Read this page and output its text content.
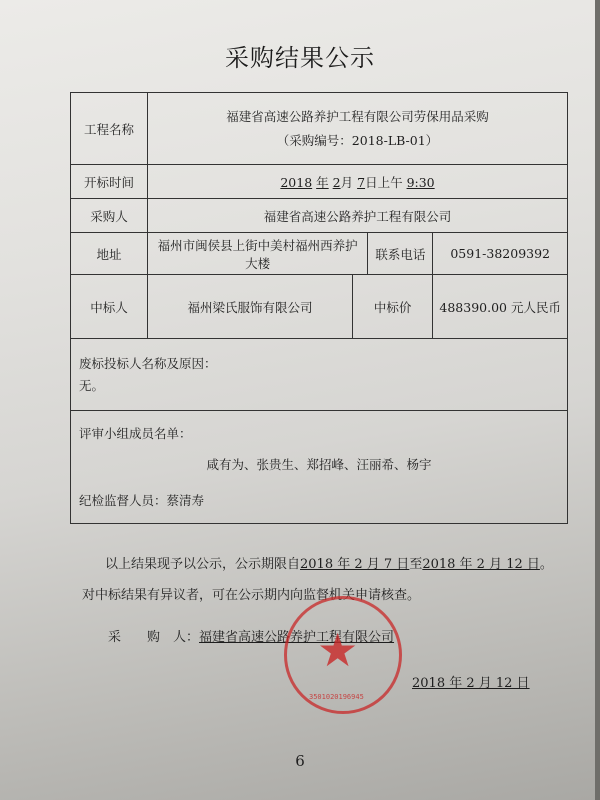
采购结果公示
工程名称	福建省高速公路养护工程有限公司劳保用品采购
（采购编号：2018-LB-01）			

开标时间	2018 年 2月 7日上午 9:30			
采购人	福建省高速公路养护工程有限公司			
地址	福州市闽侯县上街中美村福州西养护大楼		联系电话	0591-38209392
中标人	福州梁氏服饰有限公司	中标价		488390.00 元人民币

废标投标人名称及原因：
无。				

评审小组成员名单：
咸有为、张贵生、郑招峰、汪丽希、杨宇
纪检监督人员：蔡清寿				
以上结果现予以公示，公示期限自2018 年 2 月 7 日至2018 年 2 月 12 日。
对中标结果有异议者，可在公示期内向监督机关申请核查。
采　　购　人：福建省高速公路养护工程有限公司
★
3501020196945
2018 年 2 月 12 日
6
